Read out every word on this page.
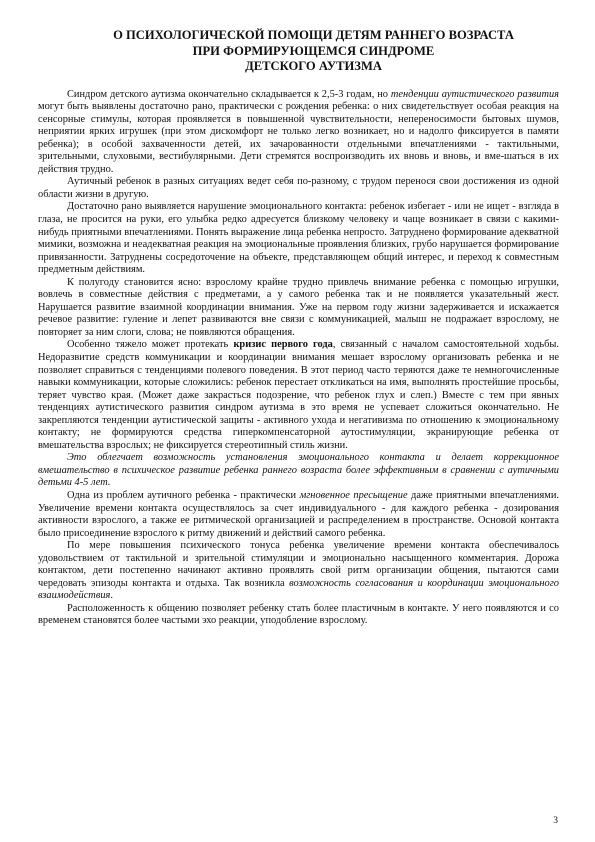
О ПСИХОЛОГИЧЕСКОЙ ПОМОЩИ ДЕТЯМ РАННЕГО ВОЗРАСТА
ПРИ ФОРМИРУЮЩЕМСЯ СИНДРОМЕ
ДЕТСКОГО АУТИЗМА

Синдром детского аутизма окончательно складывается к 2,5-3 годам, но тенденции аутистического развития могут быть выявлены достаточно рано, практически с рождения ребенка: о них свидетельствует особая реакция на сенсорные стимулы, которая проявляется в повышенной чувствительности, непереносимости бытовых шумов, неприятии ярких игрушек (при этом дискомфорт не только легко возникает, но и надолго фиксируется в памяти ребенка); в особой захваченности детей, их зачарованности отдельными впечатлениями - тактильными, зрительными, слуховыми, вестибулярными. Дети стремятся воспроизводить их вновь и вновь, и вме-шаться в их действия трудно.

Аутичный ребенок в разных ситуациях ведет себя по-разному, с трудом перенося свои достижения из одной области жизни в другую.

Достаточно рано выявляется нарушение эмоционального контакта: ребенок избегает - или не ищет - взгляда в глаза, не просится на руки, его улыбка редко адресуется близкому человеку и чаще возникает в связи с какими-нибудь приятными впечатлениями. Понять выражение лица ребенка непросто. Затруднено формирование адекватной мимики, возможна и неадекватная реакция на эмоциональные проявления близких, грубо нарушается формирование привязанности. Затруднены сосредоточение на объекте, представляющем общий интерес, и переход к совместным предметным действиям.

К полугоду становится ясно: взрослому крайне трудно привлечь внимание ребенка с помощью игрушки, вовлечь в совместные действия с предметами, а у самого ребенка так и не появляется указательный жест. Нарушается развитие взаимной координации внимания. Уже на первом году жизни задерживается и искажается речевое развитие: гуление и лепет развиваются вне связи с коммуникацией, малыш не подражает взрослому, не повторяет за ним слоги, слова; не появляются обращения.

Особенно тяжело может протекать кризис первого года, связанный с началом самостоятельной ходьбы. Недоразвитие средств коммуникации и координации внимания мешает взрослому организовать ребенка и не позволяет справиться с тенденциями полевого поведения. В этот период часто теряются даже те немногочисленные навыки коммуникации, которые сложились: ребенок перестает откликаться на имя, выполнять простейшие просьбы, теряет чувство края. (Может даже закрасться подозрение, что ребенок глух и слеп.) Вместе с тем при явных тенденциях аутистического развития синдром аутизма в это время не успевает сложиться окончательно. Не закрепляются тенденции аутистической защиты - активного ухода и негативизма по отношению к эмоциональному контакту; не формируются средства гиперкомпенсаторной аутостимуляции, экранирующие ребенка от вмешательства взрослых; не фиксируется стереотипный стиль жизни.

Это облегчает возможность установления эмоционального контакта и делает коррекционное вмешательство в психическое развитие ребенка раннего возраста более эффективным в сравнении с аутичными детьми 4-5 лет.

Одна из проблем аутичного ребенка - практически мгновенное пресыщение даже приятными впечатлениями. Увеличение времени контакта осуществлялось за счет индивидуального - для каждого ребенка - дозирования активности взрослого, а также ее ритмической организацией и распределением в пространстве. Основой контакта было присоединение взрослого к ритму движений и действий самого ребенка.

По мере повышения психического тонуса ребенка увеличение времени контакта обеспечивалось удовольствием от тактильной и зрительной стимуляции и эмоционально насыщенного комментария. Дорожа контактом, дети постепенно начинают активно проявлять свой ритм организации общения, пытаются сами чередовать эпизоды контакта и отдыха. Так возникла возможность согласования и координации эмоционального взаимодействия.

Расположенность к общению позволяет ребенку стать более пластичным в контакте. У него появляются и со временем становятся более частыми эхо реакции, уподобление взрослому.

3
